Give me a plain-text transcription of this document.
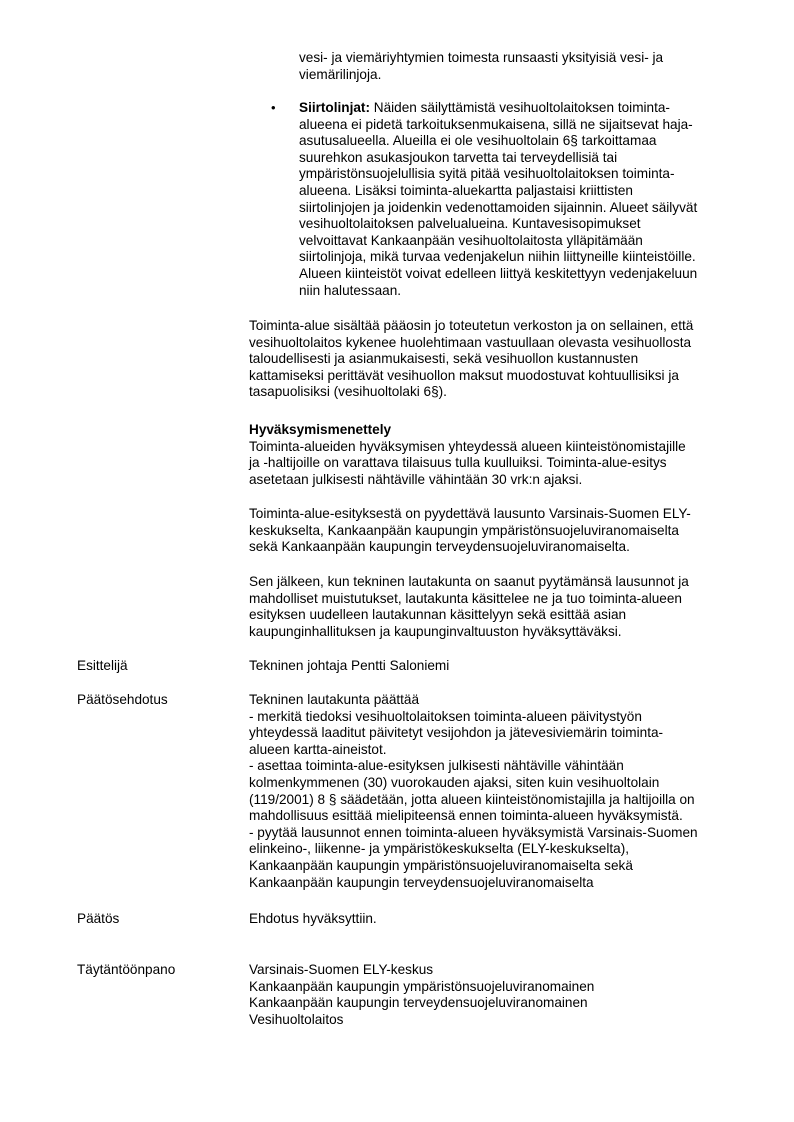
vesi- ja viemäriyhtymien toimesta runsaasti yksityisiä vesi- ja
viemärilinjoja.
• Siirtolinjat: Näiden säilyttämistä vesihuoltolaitoksen toiminta-
alueena ei pidetä tarkoituksenmukaisena, sillä ne sijaitsevat haja-
asutusalueella. Alueilla ei ole vesihuoltolain 6§ tarkoittamaa
suurehkon asukasjoukon tarvetta tai terveydellisiä tai
ympäristönsuojelullisia syitä pitää vesihuoltolaitoksen toiminta-
alueena. Lisäksi toiminta-aluekartta paljastaisi kriittisten
siirtolinjojen ja joidenkin vedenottamoiden sijainnin. Alueet säilyvät
vesihuoltolaitoksen palvelualueina. Kuntavesisopimukset
velvoittavat Kankaanpään vesihuoltolaitosta ylläpitämään
siirtolinjoja, mikä turvaa vedenjakelun niihin liittyneille kiinteistöille.
Alueen kiinteistöt voivat edelleen liittyä keskitettyyn vedenjakeluun
niin halutessaan.
Toiminta-alue sisältää pääosin jo toteutetun verkoston ja on sellainen, että
vesihuoltolaitos kykenee huolehtimaan vastuullaan olevasta vesihuollosta
taloudellisesti ja asianmukaisesti, sekä vesihuollon kustannusten
kattamiseksi perittävät vesihuollon maksut muodostuvat kohtuullisiksi ja
tasapuolisiksi (vesihuoltolaki 6§).
Hyväksymismenettely
Toiminta-alueiden hyväksymisen yhteydessä alueen kiinteistönomistajille
ja -haltijoille on varattava tilaisuus tulla kuulluiksi. Toiminta-alue-esitys
asetetaan julkisesti nähtäville vähintään 30 vrk:n ajaksi.
Toiminta-alue-esityksestä on pyydettävä lausunto Varsinais-Suomen ELY-
keskukselta, Kankaanpään kaupungin ympäristönsuojeluviranomaiselta
sekä Kankaanpään kaupungin terveydensuojeluviranomaiselta.
Sen jälkeen, kun tekninen lautakunta on saanut pyytämänsä lausunnot ja
mahdolliset muistutukset, lautakunta käsittelee ne ja tuo toiminta-alueen
esityksen uudelleen lautakunnan käsittelyyn sekä esittää asian
kaupunginhallituksen ja kaupunginvaltuuston hyväksyttäväksi.
Esittelijä	Tekninen johtaja Pentti Saloniemi
Päätösehdotus	Tekninen lautakunta päättää
- merkitä tiedoksi vesihuoltolaitoksen toiminta-alueen päivitystyön
yhteydessä laaditut päivitetyt vesijohdon ja jätevesiviemärin toiminta-
alueen kartta-aineistot.
- asettaa toiminta-alue-esityksen julkisesti nähtäville vähintään
kolmenkymmenen (30) vuorokauden ajaksi, siten kuin vesihuoltolain
(119/2001) 8 § säädetään, jotta alueen kiinteistönomistajilla ja haltijoilla on
mahdollisuus esittää mielipiteensä ennen toiminta-alueen hyväksymistä.
- pyytää lausunnot ennen toiminta-alueen hyväksymistä Varsinais-Suomen
elinkeino-, liikenne- ja ympäristökeskukselta (ELY-keskukselta),
Kankaanpään kaupungin ympäristönsuojeluviranomaiselta sekä
Kankaanpään kaupungin terveydensuojeluviranomaiselta
Päätös	Ehdotus hyväksyttiin.
Täytäntöönpano	Varsinais-Suomen ELY-keskus
Kankaanpään kaupungin ympäristönsuojeluviranomainen
Kankaanpään kaupungin terveydensuojeluviranomainen
Vesihuoltolaitos
